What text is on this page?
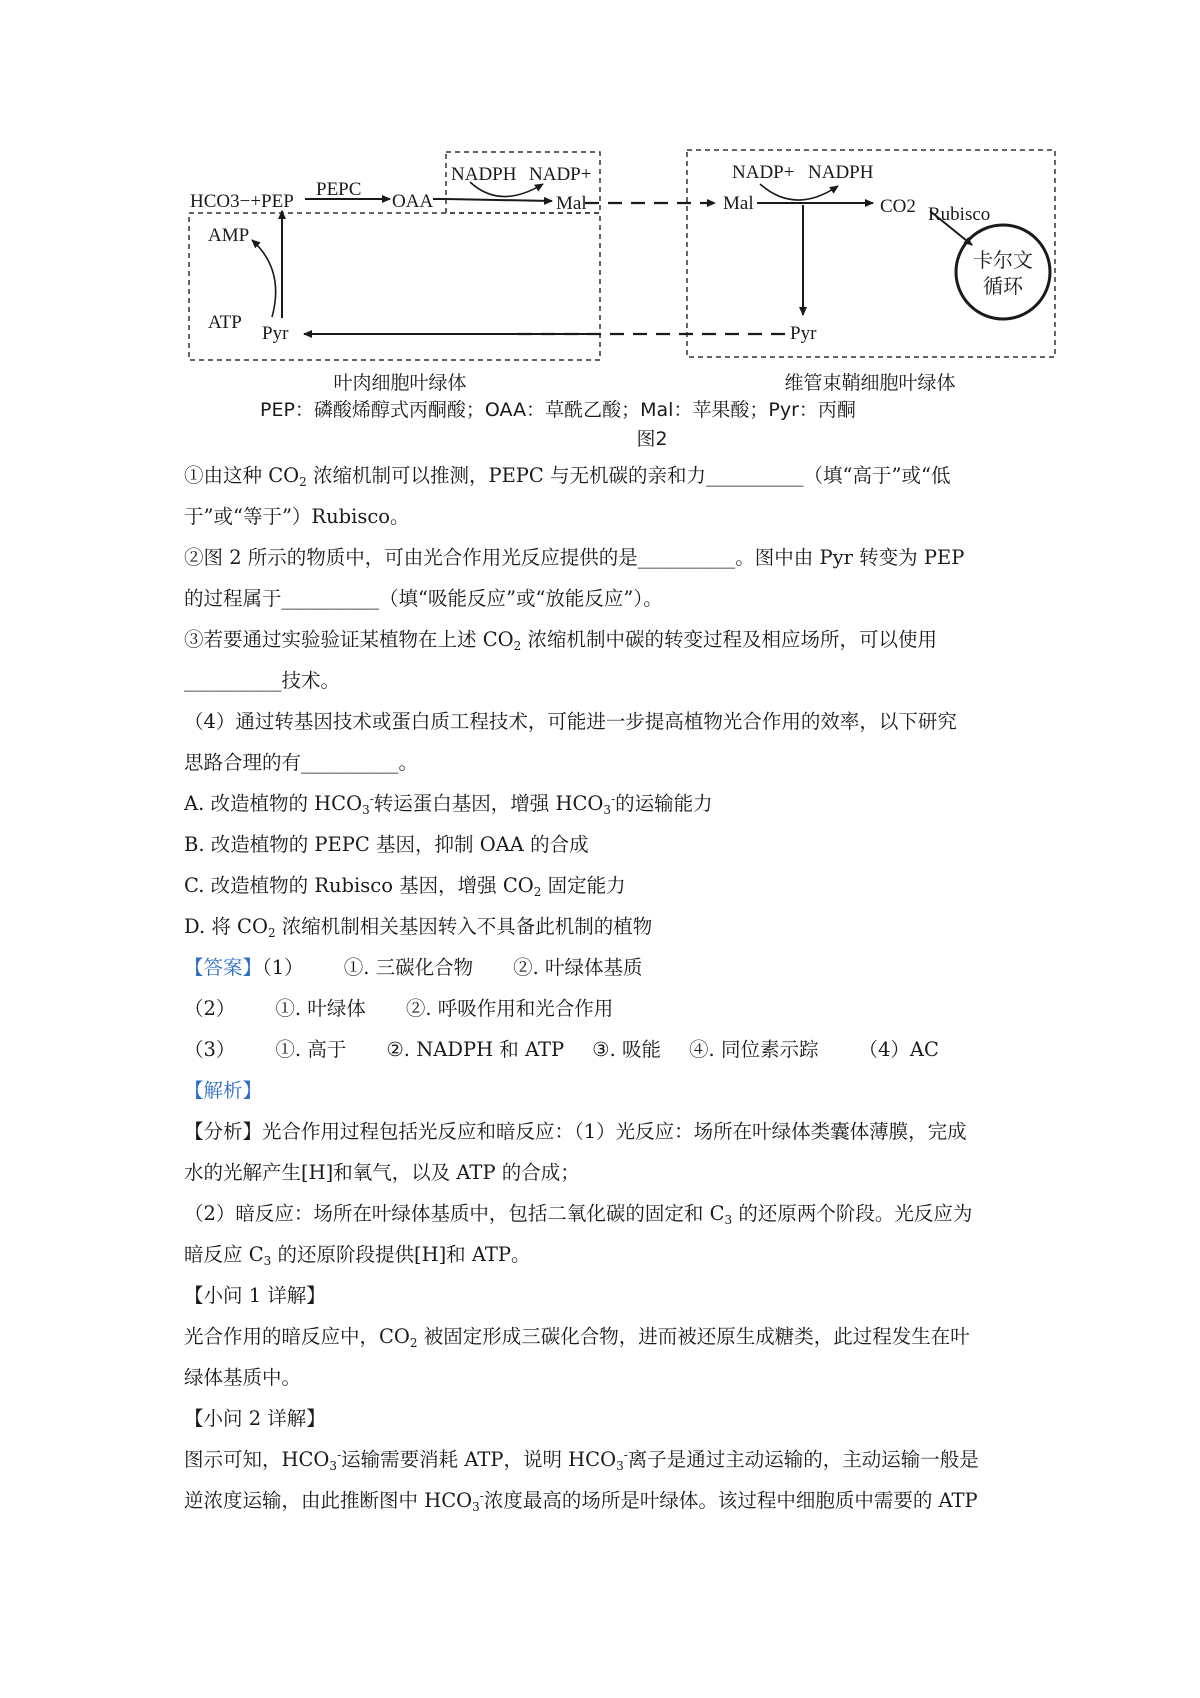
HCO3−+PEP
PEPC
OAA
NADPH NADP+
Mal	Mal
NADP+ NADPH
CO2 Rubisco
卡尔文
循环
AMP
ATP
Pyr	Pyr
叶肉细胞叶绿体	维管束鞘细胞叶绿体
PEP：磷酸烯醇式丙酮酸；OAA：草酰乙酸；Mal：苹果酸；Pyr：丙酮
图2
①由这种 $CO_2$ 浓缩机制可以推测，PEPC 与无机碳的亲和力__________（填“高于”或“低
于”或“等于”）Rubisco。
②图 2 所示的物质中，可由光合作用光反应提供的是__________。图中由 Pyr 转变为 PEP
的过程属于__________（填“吸能反应”或“放能反应”）。
③若要通过实验验证某植物在上述 $CO_2$ 浓缩机制中碳的转变过程及相应场所，可以使用
__________技术。
（4）通过转基因技术或蛋白质工程技术，可能进一步提高植物光合作用的效率，以下研究
思路合理的有__________。
A. 改造植物的 $HCO_3^-$转运蛋白基因，增强 $HCO_3^-$的运输能力
B. 改造植物的 PEPC 基因，抑制 OAA 的合成
C. 改造植物的 Rubisco 基因，增强 $CO_2$ 固定能力
D. 将 $CO_2$ 浓缩机制相关基因转入不具备此机制的植物
【答案】（1） ①. 三碳化合物 ②. 叶绿体基质
（2） ①. 叶绿体 ②. 呼吸作用和光合作用
（3） ①. 高于 ②. NADPH 和 ATP ③. 吸能 ④. 同位素示踪 （4）AC
【解析】
【分析】光合作用过程包括光反应和暗反应：（1）光反应：场所在叶绿体类囊体薄膜，完成
水的光解产生[H]和氧气，以及 ATP 的合成；
（2）暗反应：场所在叶绿体基质中，包括二氧化碳的固定和 $C_3$ 的还原两个阶段。光反应为
暗反应 $C_3$ 的还原阶段提供[H]和 ATP。
【小问 1 详解】
光合作用的暗反应中，$CO_2$ 被固定形成三碳化合物，进而被还原生成糖类，此过程发生在叶
绿体基质中。
【小问 2 详解】
图示可知，$HCO_3^-$运输需要消耗 ATP，说明 $HCO_3^-$离子是通过主动运输的，主动运输一般是
逆浓度运输，由此推断图中 $HCO_3^-$浓度最高的场所是叶绿体。该过程中细胞质中需要的 ATP
